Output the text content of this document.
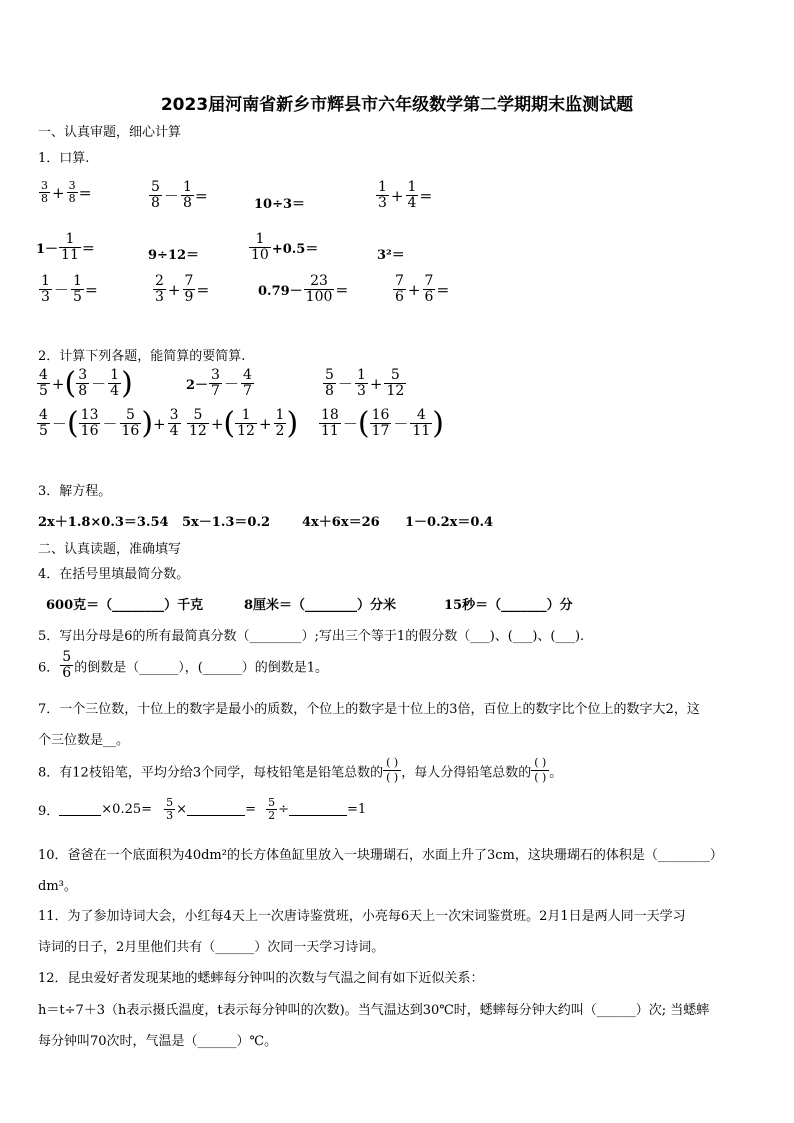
2023届河南省新乡市辉县市六年级数学第二学期期末监测试题
一、认真审题，细心计算
1．口算.
$\frac{3}{8} + \frac{3}{8}$ ＝	$\frac{5}{8} - \frac{1}{8}$ ＝	10÷3＝	$\frac{1}{3} + \frac{1}{4}$ ＝
$1- \frac{1}{11}$ ＝	9÷12＝	$\frac{1}{10} +0.5=$	3²＝
$\frac{1}{3} - \frac{1}{5}$ ＝	$\frac{2}{3} + \frac{7}{9}$ ＝	$0.79- \frac{23}{100}$ ＝	$\frac{7}{6} + \frac{7}{6}$ ＝
2．计算下列各题，能简算的要简算.
$\frac{4}{5}$ +( $\frac{3}{8} - \frac{1}{4}$ )	$2- \frac{3}{7} - \frac{4}{7}$	$\frac{5}{8} - \frac{1}{3} + \frac{5}{12}$
$\frac{4}{5}$ －( $\frac{13}{16} - \frac{5}{16}$ )+ $\frac{3}{4} \frac{5}{12}$ +( $\frac{1}{12} + \frac{1}{2}$ ) $\frac{18}{11}$ －( $\frac{16}{17} - \frac{4}{11}$ )
3．解方程。
2x＋1.8×0.3＝3.54 5x－1.3＝0.2 4x＋6x＝26 1－0.2x＝0.4
二、认真读题，准确填写
4．在括号里填最简分数。
600克＝（________）千克	8厘米＝（________）分米	15秒＝（_______）分
5．写出分母是6的所有最简真分数（________）;写出三个等于1的假分数（___)、(___)、(___).
6． $\frac{5}{6}$ 的倒数是（______），(______）的倒数是1。
7．一个三位数，十位上的数字是最小的质数，个位上的数字是十位上的3倍，百位上的数字比个位上的数字大2，这
个三位数是__。
8．有12枝铅笔，平均分给3个同学，每枝铅笔是铅笔总数的
( )
( ) ，每人分得铅笔总数的
( )
( ) 。
9．	$\times 0.25= \frac{5}{3}$ ×	= $\frac{5}{2}$ ÷	=1
10．爸爸在一个底面积为40dm²的长方体鱼缸里放入一块珊瑚石，水面上升了3cm，这块珊瑚石的体积是（________）
dm³。
11．为了参加诗词大会，小红每4天上一次唐诗鉴赏班，小亮每6天上一次宋词鉴赏班。2月1日是两人同一天学习
诗词的日子，2月里他们共有（______）次同一天学习诗词。
12．昆虫爱好者发现某地的蟋蟀每分钟叫的次数与气温之间有如下近似关系：
h＝t÷7＋3（h表示摄氏温度，t表示每分钟叫的次数)。当气温达到30℃时，蟋蟀每分钟大约叫（______）次; 当蟋蟀
每分钟叫70次时，气温是（______）℃。
